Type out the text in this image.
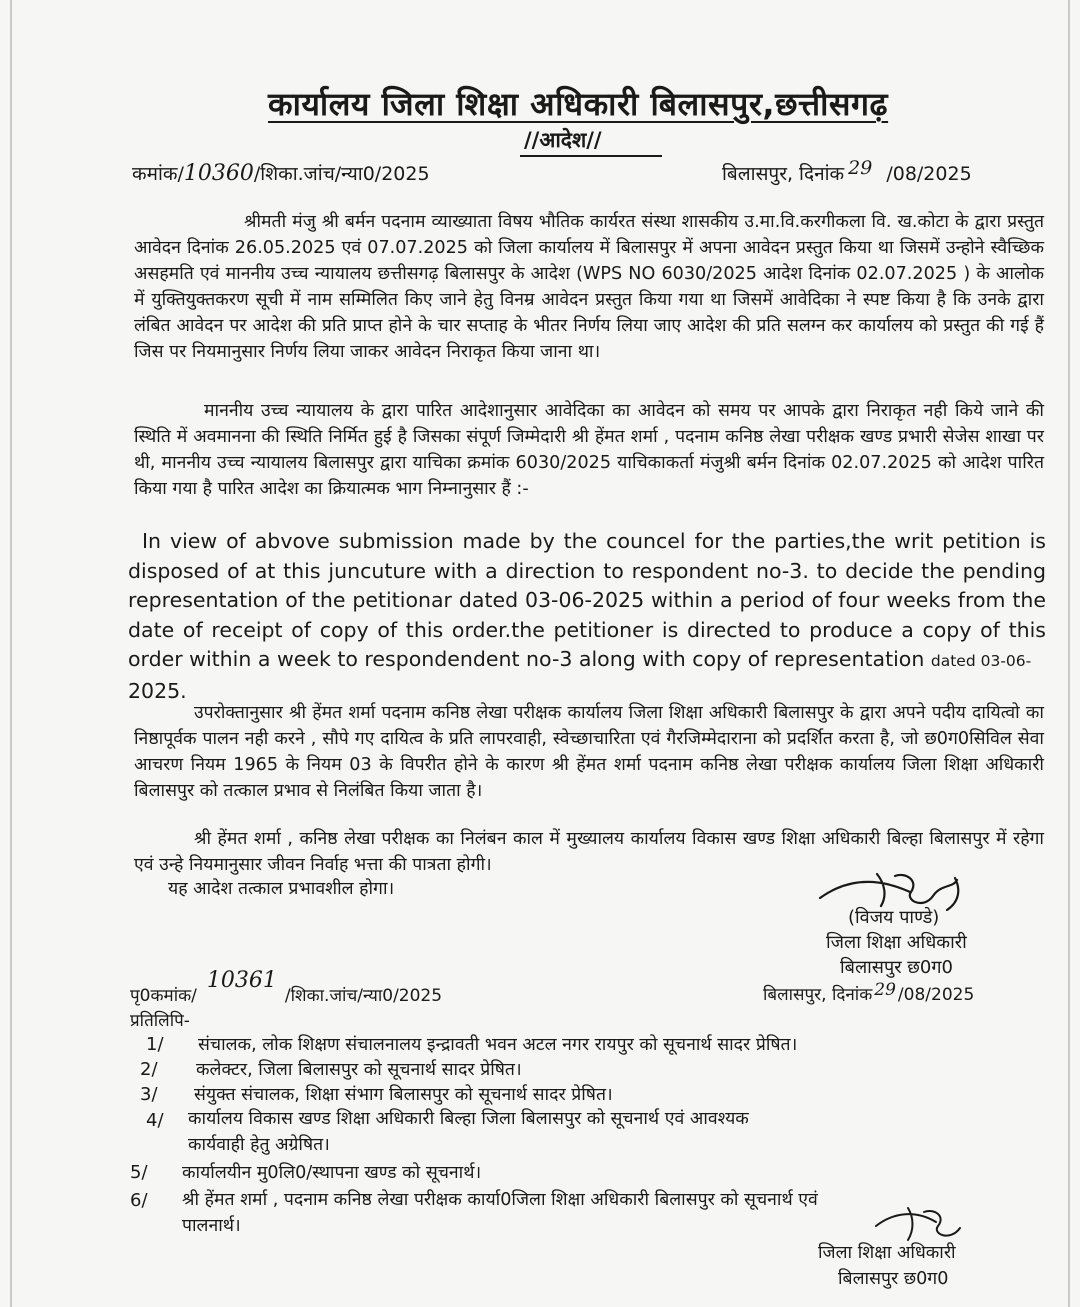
कार्यालय जिला शिक्षा अधिकारी बिलासपुर,छत्तीसगढ़
//आदेश//
कमांक/10360/शिका.जांच/न्या0/2025	बिलासपुर, दिनांक 29 /08/2025

श्रीमती मंजु श्री बर्मन पदनाम व्याख्याता विषय भौतिक कार्यरत संस्था शासकीय उ.मा.वि.करगीकला वि. ख.कोटा के द्वारा प्रस्तुत आवेदन दिनांक 26.05.2025 एवं 07.07.2025 को जिला कार्यालय में बिलासपुर में अपना आवेदन प्रस्तुत किया था जिसमें उन्होने स्वैच्छिक असहमति एवं माननीय उच्च न्यायालय छत्तीसगढ़ बिलासपुर के आदेश (WPS NO 6030/2025 आदेश दिनांक 02.07.2025 ) के आलोक में युक्तियुक्तकरण सूची में नाम सम्मिलित किए जाने हेतु विनम्र आवेदन प्रस्तुत किया गया था जिसमें आवेदिका ने स्पष्ट किया है कि उनके द्वारा लंबित आवेदन पर आदेश की प्रति प्राप्त होने के चार सप्ताह के भीतर निर्णय लिया जाए आदेश की प्रति सलग्न कर कार्यालय को प्रस्तुत की गई हैं जिस पर नियमानुसार निर्णय लिया जाकर आवेदन निराकृत किया जाना था।

माननीय उच्च न्यायालय के द्वारा पारित आदेशानुसार आवेदिका का आवेदन को समय पर आपके द्वारा निराकृत नही किये जाने की स्थिति में अवमानना की स्थिति निर्मित हुई है जिसका संपूर्ण जिम्मेदारी श्री हेंमत शर्मा , पदनाम कनिष्ठ लेखा परीक्षक खण्ड प्रभारी सेजेस शाखा पर थी, माननीय उच्च न्यायालय बिलासपुर द्वारा याचिका क्रमांक 6030/2025 याचिकाकर्ता मंजुश्री बर्मन दिनांक 02.07.2025 को आदेश पारित किया गया है पारित आदेश का क्रियात्मक भाग निम्नानुसार हैं :-

In view of abvove submission made by the councel for the parties,the writ petition is disposed of at this juncuture with a direction to respondent no-3. to decide the pending representation of the petitionar dated 03-06-2025 within a period of four weeks from the date of receipt of copy of this order.the petitioner is directed to produce a copy of this order within a week to respondendent no-3 along with copy of representation dated 03-06-
2025.

उपरोक्तानुसार श्री हेंमत शर्मा पदनाम कनिष्ठ लेखा परीक्षक कार्यालय जिला शिक्षा अधिकारी बिलासपुर के द्वारा अपने पदीय दायित्वो का निष्ठापूर्वक पालन नही करने , सौपे गए दायित्व के प्रति लापरवाही, स्वेच्छाचारिता एवं गैरजिम्मेदाराना को प्रदर्शित करता है, जो छ0ग0सिविल सेवा आचरण नियम 1965 के नियम 03 के विपरीत होने के कारण श्री हेंमत शर्मा पदनाम कनिष्ठ लेखा परीक्षक कार्यालय जिला शिक्षा अधिकारी बिलासपुर को तत्काल प्रभाव से निलंबित किया जाता है।

श्री हेंमत शर्मा , कनिष्ठ लेखा परीक्षक का निलंबन काल में मुख्यालय कार्यालय विकास खण्ड शिक्षा अधिकारी बिल्हा बिलासपुर में रहेगा एवं उन्हे नियमानुसार जीवन निर्वाह भत्ता की पात्रता होगी।

यह आदेश तत्काल प्रभावशील होगा।
(विजय पाण्डे)
जिला शिक्षा अधिकारी
बिलासपुर छ0ग0
पृ0कमांक/10361/शिका.जांच/न्या0/2025	बिलासपुर, दिनांक 29 /08/2025
प्रतिलिपि-
1/ संचालक, लोक शिक्षण संचालनालय इन्द्रावती भवन अटल नगर रायपुर को सूचनार्थ सादर प्रेषित।
2/ कलेक्टर, जिला बिलासपुर को सूचनार्थ सादर प्रेषित।
3/ संयुक्त संचालक, शिक्षा संभाग बिलासपुर को सूचनार्थ सादर प्रेषित।
4/ कार्यालय विकास खण्ड शिक्षा अधिकारी बिल्हा जिला बिलासपुर को सूचनार्थ एवं आवश्यक
कार्यवाही हेतु अग्रेषित।
5/ कार्यालयीन मु0लि0/स्थापना खण्ड को सूचनार्थ।
6/ श्री हेंमत शर्मा , पदनाम कनिष्ठ लेखा परीक्षक कार्या0जिला शिक्षा अधिकारी बिलासपुर को सूचनार्थ एवं
पालनार्थ।
जिला शिक्षा अधिकारी
बिलासपुर छ0ग0
